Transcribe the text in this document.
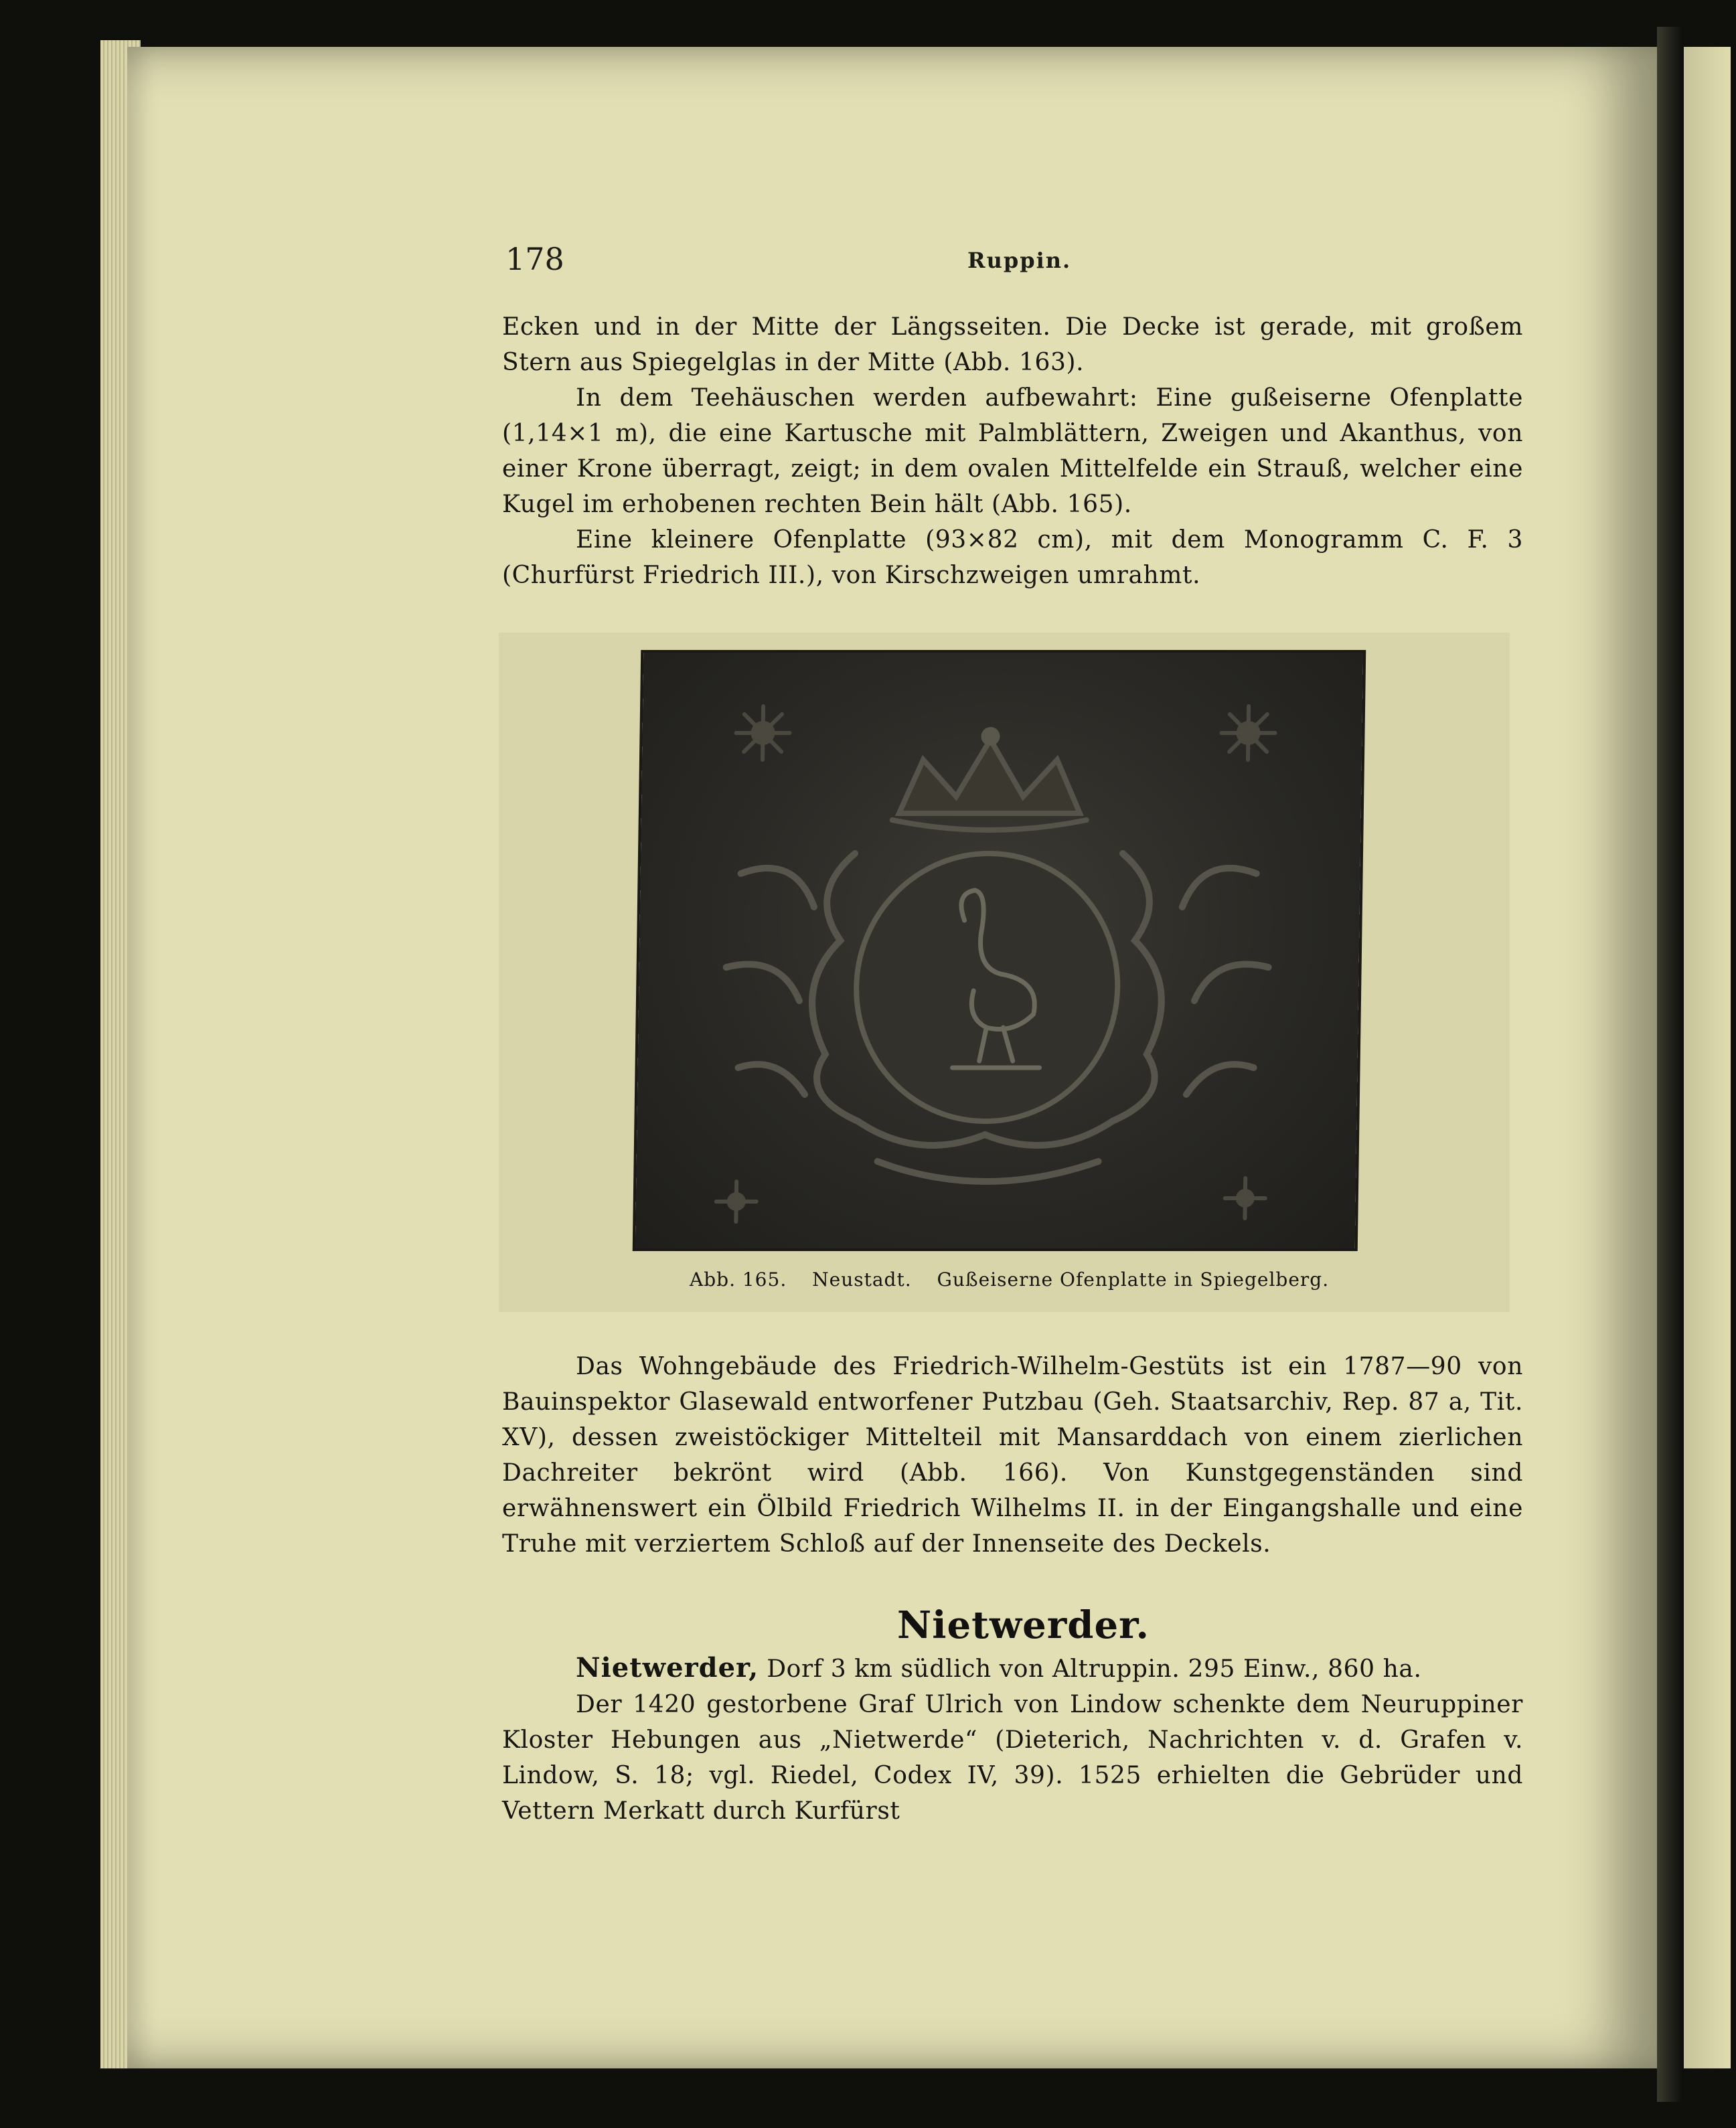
178	Ruppin.

Ecken und in der Mitte der Längsseiten. Die Decke ist gerade, mit großem Stern aus Spiegelglas in der Mitte (Abb. 163).

In dem Teehäuschen werden aufbewahrt: Eine gußeiserne Ofenplatte (1,14×1 m), die eine Kartusche mit Palmblättern, Zweigen und Akanthus, von einer Krone überragt, zeigt; in dem ovalen Mittelfelde ein Strauß, welcher eine Kugel im erhobenen rechten Bein hält (Abb. 165).

Eine kleinere Ofenplatte (93×82 cm), mit dem Monogramm C. F. 3 (Churfürst Friedrich III.), von Kirschzweigen umrahmt.

Abb. 165. Neustadt. Gußeiserne Ofenplatte in Spiegelberg.

Das Wohngebäude des Friedrich-Wilhelm-Gestüts ist ein 1787—90 von Bauinspektor Glasewald entworfener Putzbau (Geh. Staatsarchiv, Rep. 87 a, Tit. XV), dessen zweistöckiger Mittelteil mit Mansarddach von einem zierlichen Dachreiter bekrönt wird (Abb. 166). Von Kunstgegenständen sind erwähnenswert ein Ölbild Friedrich Wilhelms II. in der Eingangshalle und eine Truhe mit verziertem Schloß auf der Innenseite des Deckels.

Nietwerder.

Nietwerder, Dorf 3 km südlich von Altruppin. 295 Einw., 860 ha.

Der 1420 gestorbene Graf Ulrich von Lindow schenkte dem Neuruppiner Kloster Hebungen aus „Nietwerde“ (Dieterich, Nachrichten v. d. Grafen v. Lindow, S. 18; vgl. Riedel, Codex IV, 39). 1525 erhielten die Gebrüder und Vettern Merkatt durch Kurfürst
